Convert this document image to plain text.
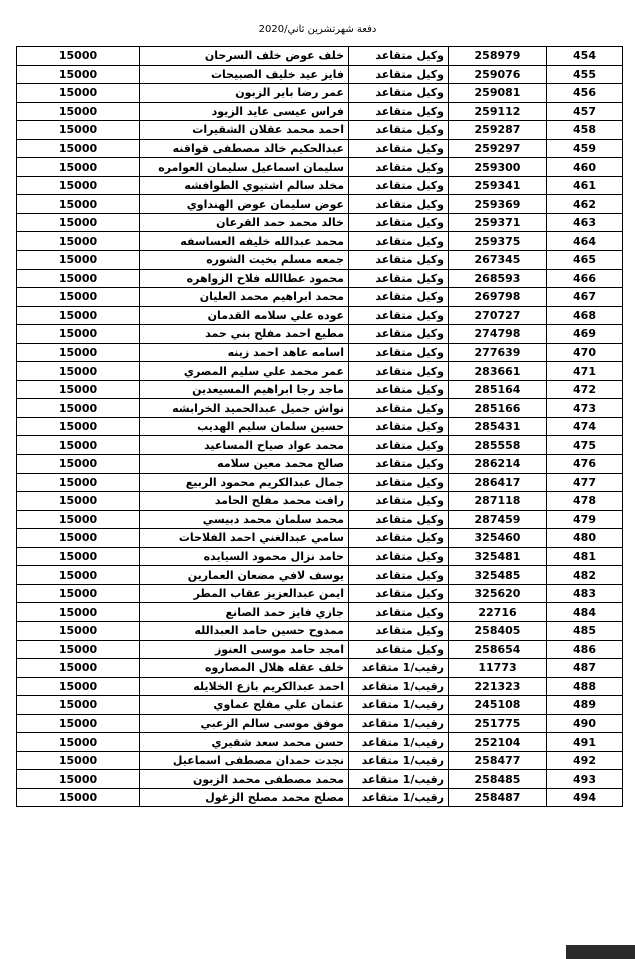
دفعة شهرتشرين ثاني/2020
454	258979	وكيل متقاعد	خلف عوض خلف السرحان	15000
455	259076	وكيل متقاعد	فايز عيد خليف الصبيحات	15000
456	259081	وكيل متقاعد	عمر رضا باير الزبون	15000
457	259112	وكيل متقاعد	فراس عيسى عايد الزيود	15000
458	259287	وكيل متقاعد	احمد محمد عقلان الشقيرات	15000
459	259297	وكيل متقاعد	عبدالحكيم خالد مصطفى قواقنه	15000
460	259300	وكيل متقاعد	سليمان اسماعيل سليمان العوامره	15000
461	259341	وكيل متقاعد	مخلد سالم اشتيوي الطوافشه	15000
462	259369	وكيل متقاعد	عوض سليمان عوض الهنداوي	15000
463	259371	وكيل متقاعد	خالد محمد حمد القرعان	15000
464	259375	وكيل متقاعد	محمد عبدالله خليفه العساسفه	15000
465	267345	وكيل متقاعد	جمعه مسلم بخيت الشوره	15000
466	268593	وكيل متقاعد	محمود عطاالله فلاح الزواهره	15000
467	269798	وكيل متقاعد	محمد ابراهيم محمد العليان	15000
468	270727	وكيل متقاعد	عوده علي سلامه القدمان	15000
469	274798	وكيل متقاعد	مطيع احمد مفلح بني حمد	15000
470	277639	وكيل متقاعد	اسامه عاهد احمد زينه	15000
471	283661	وكيل متقاعد	عمر محمد علي سليم المصري	15000
472	285164	وكيل متقاعد	ماجد رجا ابراهيم المسيعدين	15000
473	285166	وكيل متقاعد	نواش جميل عبدالحميد الخرابشه	15000
474	285431	وكيل متقاعد	حسين سلمان سليم الهديب	15000
475	285558	وكيل متقاعد	محمد عواد صياح المساعيد	15000
476	286214	وكيل متقاعد	صالح محمد معين سلامه	15000
477	286417	وكيل متقاعد	جمال عبدالكريم محمود الربيع	15000
478	287118	وكيل متقاعد	رافت محمد مفلح الحامد	15000
479	287459	وكيل متقاعد	محمد سلمان محمد دبيسي	15000
480	325460	وكيل متقاعد	سامي عبدالغني احمد الفلاحات	15000
481	325481	وكيل متقاعد	حامد نزال محمود السيايده	15000
482	325485	وكيل متقاعد	يوسف لافي مضعان العمارين	15000
483	325620	وكيل متقاعد	ايمن عبدالعزيز عقاب المطر	15000
484	22716	وكيل متقاعد	جازي فايز حمد الصانع	15000
485	258405	وكيل متقاعد	ممدوح حسين حامد العبدالله	15000
486	258654	وكيل متقاعد	امجد حامد موسى العنوز	15000
487	11773	رقيب/1 متقاعد	خلف عقله هلال المصاروه	15000
488	221323	رقيب/1 متقاعد	احمد عبدالكريم بازع الخلايله	15000
489	245108	رقيب/1 متقاعد	عثمان علي مفلح عماوي	15000
490	251775	رقيب/1 متقاعد	موفق موسى سالم الزعبي	15000
491	252104	رقيب/1 متقاعد	حسن محمد سعد شقيري	15000
492	258477	رقيب/1 متقاعد	نجدت حمدان مصطفى اسماعيل	15000
493	258485	رقيب/1 متقاعد	محمد مصطفى محمد الزبون	15000
494	258487	رقيب/1 متقاعد	مصلح محمد مصلح الزغول	15000
